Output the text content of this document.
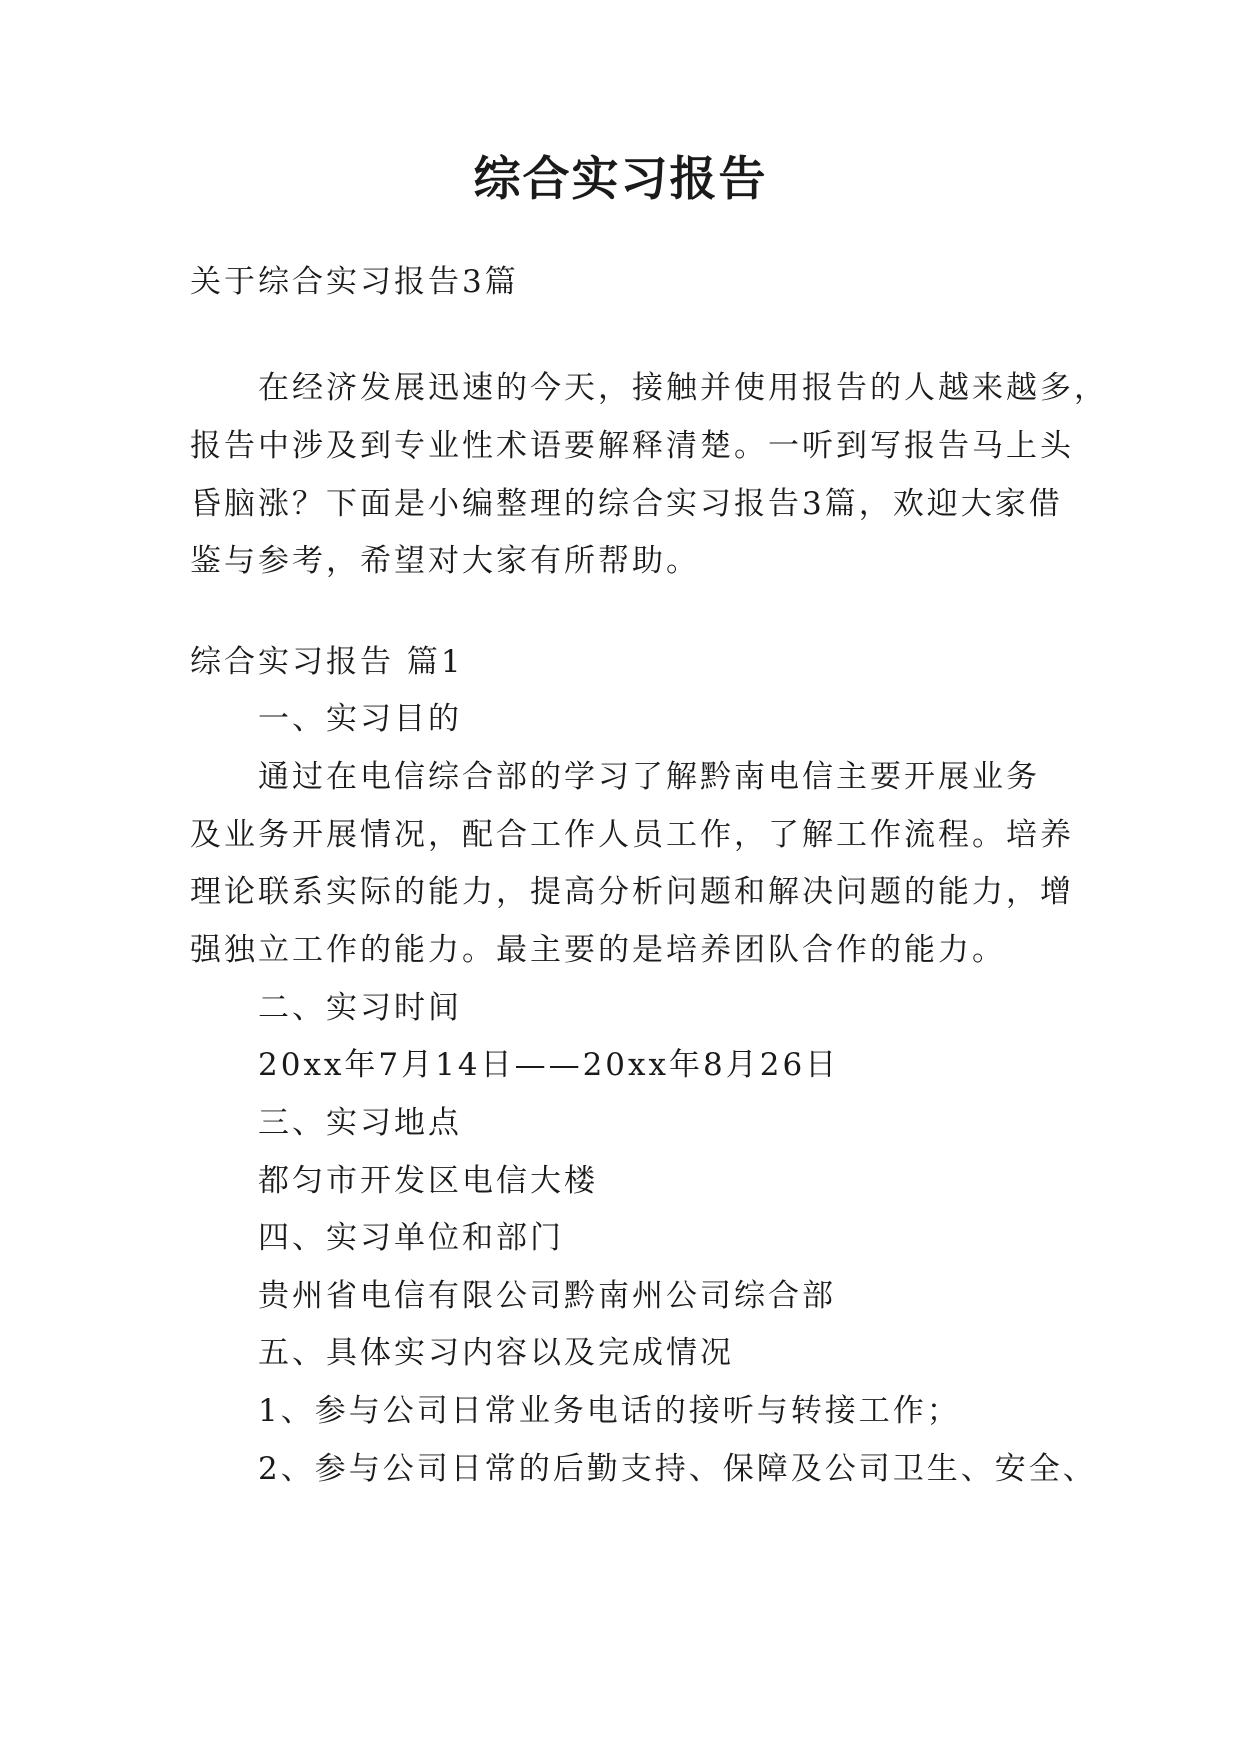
综合实习报告
关于综合实习报告3篇
在经济发展迅速的今天，接触并使用报告的人越来越多，
报告中涉及到专业性术语要解释清楚。一听到写报告马上头
昏脑涨？下面是小编整理的综合实习报告3篇，欢迎大家借
鉴与参考，希望对大家有所帮助。
综合实习报告 篇1
一、实习目的
通过在电信综合部的学习了解黔南电信主要开展业务
及业务开展情况，配合工作人员工作，了解工作流程。培养
理论联系实际的能力，提高分析问题和解决问题的能力，增
强独立工作的能力。最主要的是培养团队合作的能力。
二、实习时间
20xx年7月14日——20xx年8月26日
三、实习地点
都匀市开发区电信大楼
四、实习单位和部门
贵州省电信有限公司黔南州公司综合部
五、具体实习内容以及完成情况
1、参与公司日常业务电话的接听与转接工作；
2、参与公司日常的后勤支持、保障及公司卫生、安全、
